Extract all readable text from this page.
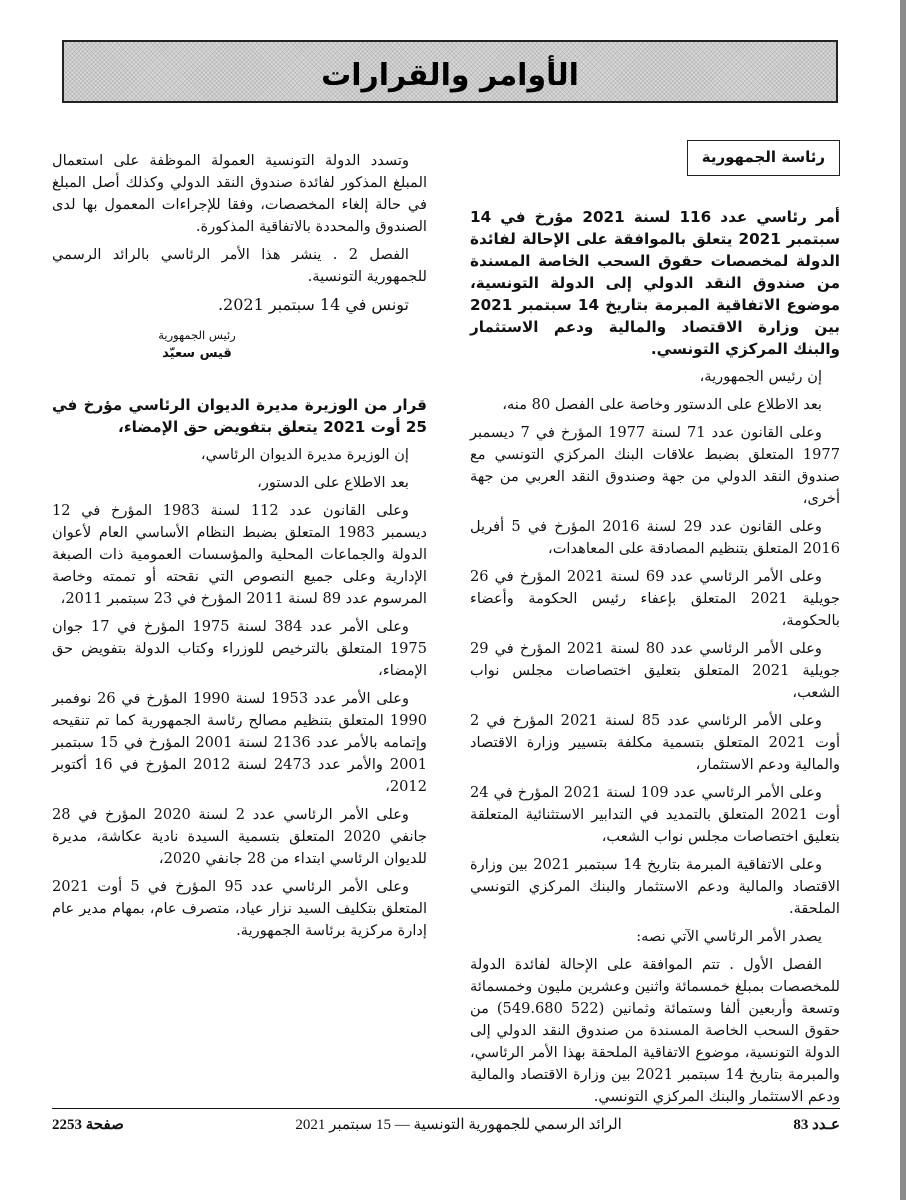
الأوامر والقرارات
رئاسة الجمهورية
أمر رئاسي عدد 116 لسنة 2021 مؤرخ في 14 سبتمبر 2021 يتعلق بالموافقة على الإحالة لفائدة الدولة لمخصصات حقوق السحب الخاصة المسندة من صندوق النقد الدولي إلى الدولة التونسية، موضوع الاتفاقية المبرمة بتاريخ 14 سبتمبر 2021 بين وزارة الاقتصاد والمالية ودعم الاستثمار والبنك المركزي التونسي.

إن رئيس الجمهورية،

بعد الاطلاع على الدستور وخاصة على الفصل 80 منه،

وعلى القانون عدد 71 لسنة 1977 المؤرخ في 7 ديسمبر 1977 المتعلق بضبط علاقات البنك المركزي التونسي مع صندوق النقد الدولي من جهة وصندوق النقد العربي من جهة أخرى،

وعلى القانون عدد 29 لسنة 2016 المؤرخ في 5 أفريل 2016 المتعلق بتنظيم المصادقة على المعاهدات،

وعلى الأمر الرئاسي عدد 69 لسنة 2021 المؤرخ في 26 جويلية 2021 المتعلق بإعفاء رئيس الحكومة وأعضاء بالحكومة،

وعلى الأمر الرئاسي عدد 80 لسنة 2021 المؤرخ في 29 جويلية 2021 المتعلق بتعليق اختصاصات مجلس نواب الشعب،

وعلى الأمر الرئاسي عدد 85 لسنة 2021 المؤرخ في 2 أوت 2021 المتعلق بتسمية مكلفة بتسيير وزارة الاقتصاد والمالية ودعم الاستثمار،

وعلى الأمر الرئاسي عدد 109 لسنة 2021 المؤرخ في 24 أوت 2021 المتعلق بالتمديد في التدابير الاستثنائية المتعلقة بتعليق اختصاصات مجلس نواب الشعب،

وعلى الاتفاقية المبرمة بتاريخ 14 سبتمبر 2021 بين وزارة الاقتصاد والمالية ودعم الاستثمار والبنك المركزي التونسي الملحقة.

يصدر الأمر الرئاسي الآتي نصه:

الفصل الأول . تتم الموافقة على الإحالة لفائدة الدولة للمخصصات بمبلغ خمسمائة واثنين وعشرين مليون وخمسمائة وتسعة وأربعين ألفا وستمائة وثمانين (522 549.680) من حقوق السحب الخاصة المسندة من صندوق النقد الدولي إلى الدولة التونسية، موضوع الاتفاقية الملحقة بهذا الأمر الرئاسي، والمبرمة بتاريخ 14 سبتمبر 2021 بين وزارة الاقتصاد والمالية ودعم الاستثمار والبنك المركزي التونسي.

وتسدد الدولة التونسية العمولة الموظفة على استعمال المبلغ المذكور لفائدة صندوق النقد الدولي وكذلك أصل المبلغ في حالة إلغاء المخصصات، وفقا للإجراءات المعمول بها لدى الصندوق والمحددة بالاتفاقية المذكورة.

الفصل 2 . ينشر هذا الأمر الرئاسي بالرائد الرسمي للجمهورية التونسية.

تونس في 14 سبتمبر 2021.
رئيس الجمهورية
قيس سعيّد
قرار من الوزيرة مديرة الديوان الرئاسي مؤرخ في 25 أوت 2021 يتعلق بتفويض حق الإمضاء،

إن الوزيرة مديرة الديوان الرئاسي،

بعد الاطلاع على الدستور،

وعلى القانون عدد 112 لسنة 1983 المؤرخ في 12 ديسمبر 1983 المتعلق بضبط النظام الأساسي العام لأعوان الدولة والجماعات المحلية والمؤسسات العمومية ذات الصبغة الإدارية وعلى جميع النصوص التي نقحته أو تممته وخاصة المرسوم عدد 89 لسنة 2011 المؤرخ في 23 سبتمبر 2011،

وعلى الأمر عدد 384 لسنة 1975 المؤرخ في 17 جوان 1975 المتعلق بالترخيص للوزراء وكتاب الدولة بتفويض حق الإمضاء،

وعلى الأمر عدد 1953 لسنة 1990 المؤرخ في 26 نوفمبر 1990 المتعلق بتنظيم مصالح رئاسة الجمهورية كما تم تنقيحه وإتمامه بالأمر عدد 2136 لسنة 2001 المؤرخ في 15 سبتمبر 2001 والأمر عدد 2473 لسنة 2012 المؤرخ في 16 أكتوبر 2012،

وعلى الأمر الرئاسي عدد 2 لسنة 2020 المؤرخ في 28 جانفي 2020 المتعلق بتسمية السيدة نادية عكاشة، مديرة للديوان الرئاسي ابتداء من 28 جانفي 2020،

وعلى الأمر الرئاسي عدد 95 المؤرخ في 5 أوت 2021 المتعلق بتكليف السيد نزار عياد، متصرف عام، بمهام مدير عام إدارة مركزية برئاسة الجمهورية.

عـدد 83
الرائد الرسمي للجمهورية التونسية — 15 سبتمبر 2021
صفحة 2253
